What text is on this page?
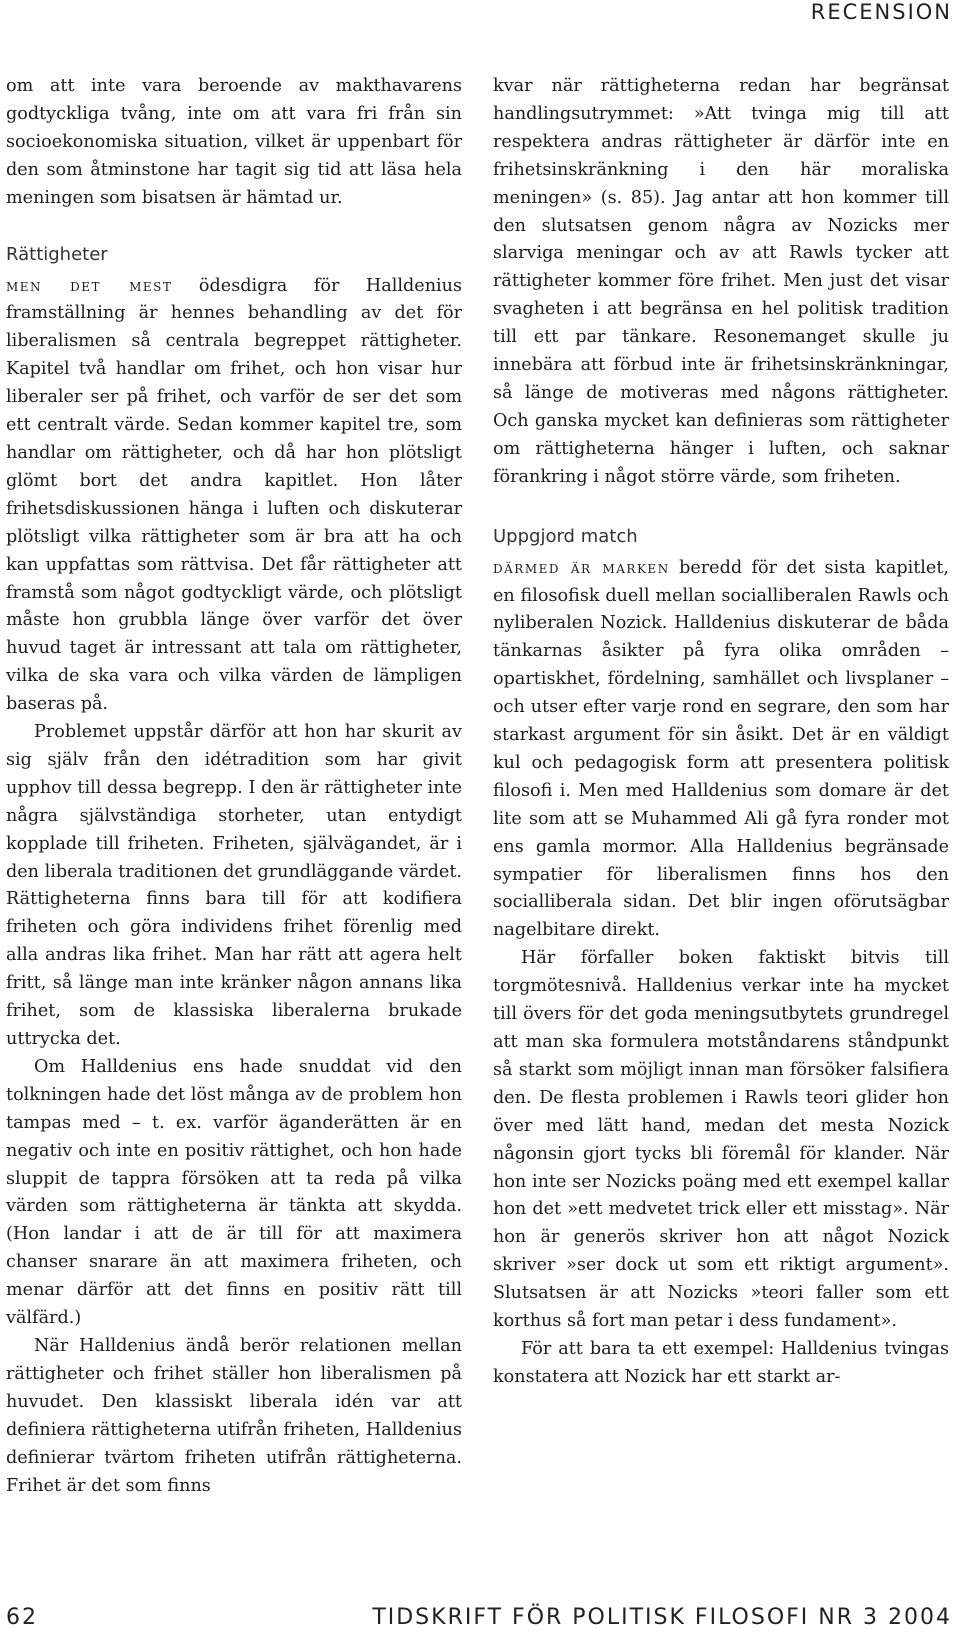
RECENSION

om att inte vara beroende av makthavarens godtyckliga tvång, inte om att vara fri från sin socioekonomiska situation, vilket är uppenbart för den som åtminstone har tagit sig tid att läsa hela meningen som bisatsen är hämtad ur.

Rättigheter

men det mest ödesdigra för Halldenius framställning är hennes behandling av det för liberalismen så centrala begreppet rättigheter. Kapitel två handlar om frihet, och hon visar hur liberaler ser på frihet, och varför de ser det som ett centralt värde. Sedan kommer kapitel tre, som handlar om rättigheter, och då har hon plötsligt glömt bort det andra kapitlet. Hon låter frihetsdiskussionen hänga i luften och diskuterar plötsligt vilka rättigheter som är bra att ha och kan uppfattas som rättvisa. Det får rättigheter att framstå som något godtyckligt värde, och plötsligt måste hon grubbla länge över varför det över huvud taget är intressant att tala om rättigheter, vilka de ska vara och vilka värden de lämpligen baseras på.

Problemet uppstår därför att hon har skurit av sig själv från den idétradition som har givit upphov till dessa begrepp. I den är rättigheter inte några självständiga storheter, utan entydigt kopplade till friheten. Friheten, självägandet, är i den liberala traditionen det grundläggande värdet. Rättigheterna finns bara till för att kodifiera friheten och göra individens frihet förenlig med alla andras lika frihet. Man har rätt att agera helt fritt, så länge man inte kränker någon annans lika frihet, som de klassiska liberalerna brukade uttrycka det.

Om Halldenius ens hade snuddat vid den tolkningen hade det löst många av de problem hon tampas med – t. ex. varför äganderätten är en negativ och inte en positiv rättighet, och hon hade sluppit de tappra försöken att ta reda på vilka värden som rättigheterna är tänkta att skydda. (Hon landar i att de är till för att maximera chanser snarare än att maximera friheten, och menar därför att det finns en positiv rätt till välfärd.)

När Halldenius ändå berör relationen mellan rättigheter och frihet ställer hon liberalismen på huvudet. Den klassiskt liberala idén var att definiera rättigheterna utifrån friheten, Halldenius definierar tvärtom friheten utifrån rättigheterna. Frihet är det som finns

kvar när rättigheterna redan har begränsat handlingsutrymmet: »Att tvinga mig till att respektera andras rättigheter är därför inte en frihetsinskränkning i den här moraliska meningen» (s. 85). Jag antar att hon kommer till den slutsatsen genom några av Nozicks mer slarviga meningar och av att Rawls tycker att rättigheter kommer före frihet. Men just det visar svagheten i att begränsa en hel politisk tradition till ett par tänkare. Resonemanget skulle ju innebära att förbud inte är frihetsinskränkningar, så länge de motiveras med någons rättigheter. Och ganska mycket kan definieras som rättigheter om rättigheterna hänger i luften, och saknar förankring i något större värde, som friheten.

Uppgjord match

därmed är marken beredd för det sista kapitlet, en filosofisk duell mellan socialliberalen Rawls och nyliberalen Nozick. Halldenius diskuterar de båda tänkarnas åsikter på fyra olika områden – opartiskhet, fördelning, samhället och livsplaner – och utser efter varje rond en segrare, den som har starkast argument för sin åsikt. Det är en väldigt kul och pedagogisk form att presentera politisk filosofi i. Men med Halldenius som domare är det lite som att se Muhammed Ali gå fyra ronder mot ens gamla mormor. Alla Halldenius begränsade sympatier för liberalismen finns hos den socialliberala sidan. Det blir ingen oförutsägbar nagelbitare direkt.

Här förfaller boken faktiskt bitvis till torgmötesnivå. Halldenius verkar inte ha mycket till övers för det goda meningsutbytets grundregel att man ska formulera motståndarens ståndpunkt så starkt som möjligt innan man försöker falsifiera den. De flesta problemen i Rawls teori glider hon över med lätt hand, medan det mesta Nozick någonsin gjort tycks bli föremål för klander. När hon inte ser Nozicks poäng med ett exempel kallar hon det »ett medvetet trick eller ett misstag». När hon är generös skriver hon att något Nozick skriver »ser dock ut som ett riktigt argument». Slutsatsen är att Nozicks »teori faller som ett korthus så fort man petar i dess fundament».

För att bara ta ett exempel: Halldenius tvingas konstatera att Nozick har ett starkt ar-

62	TIDSKRIFT FÖR POLITISK FILOSOFI NR 3 2004
